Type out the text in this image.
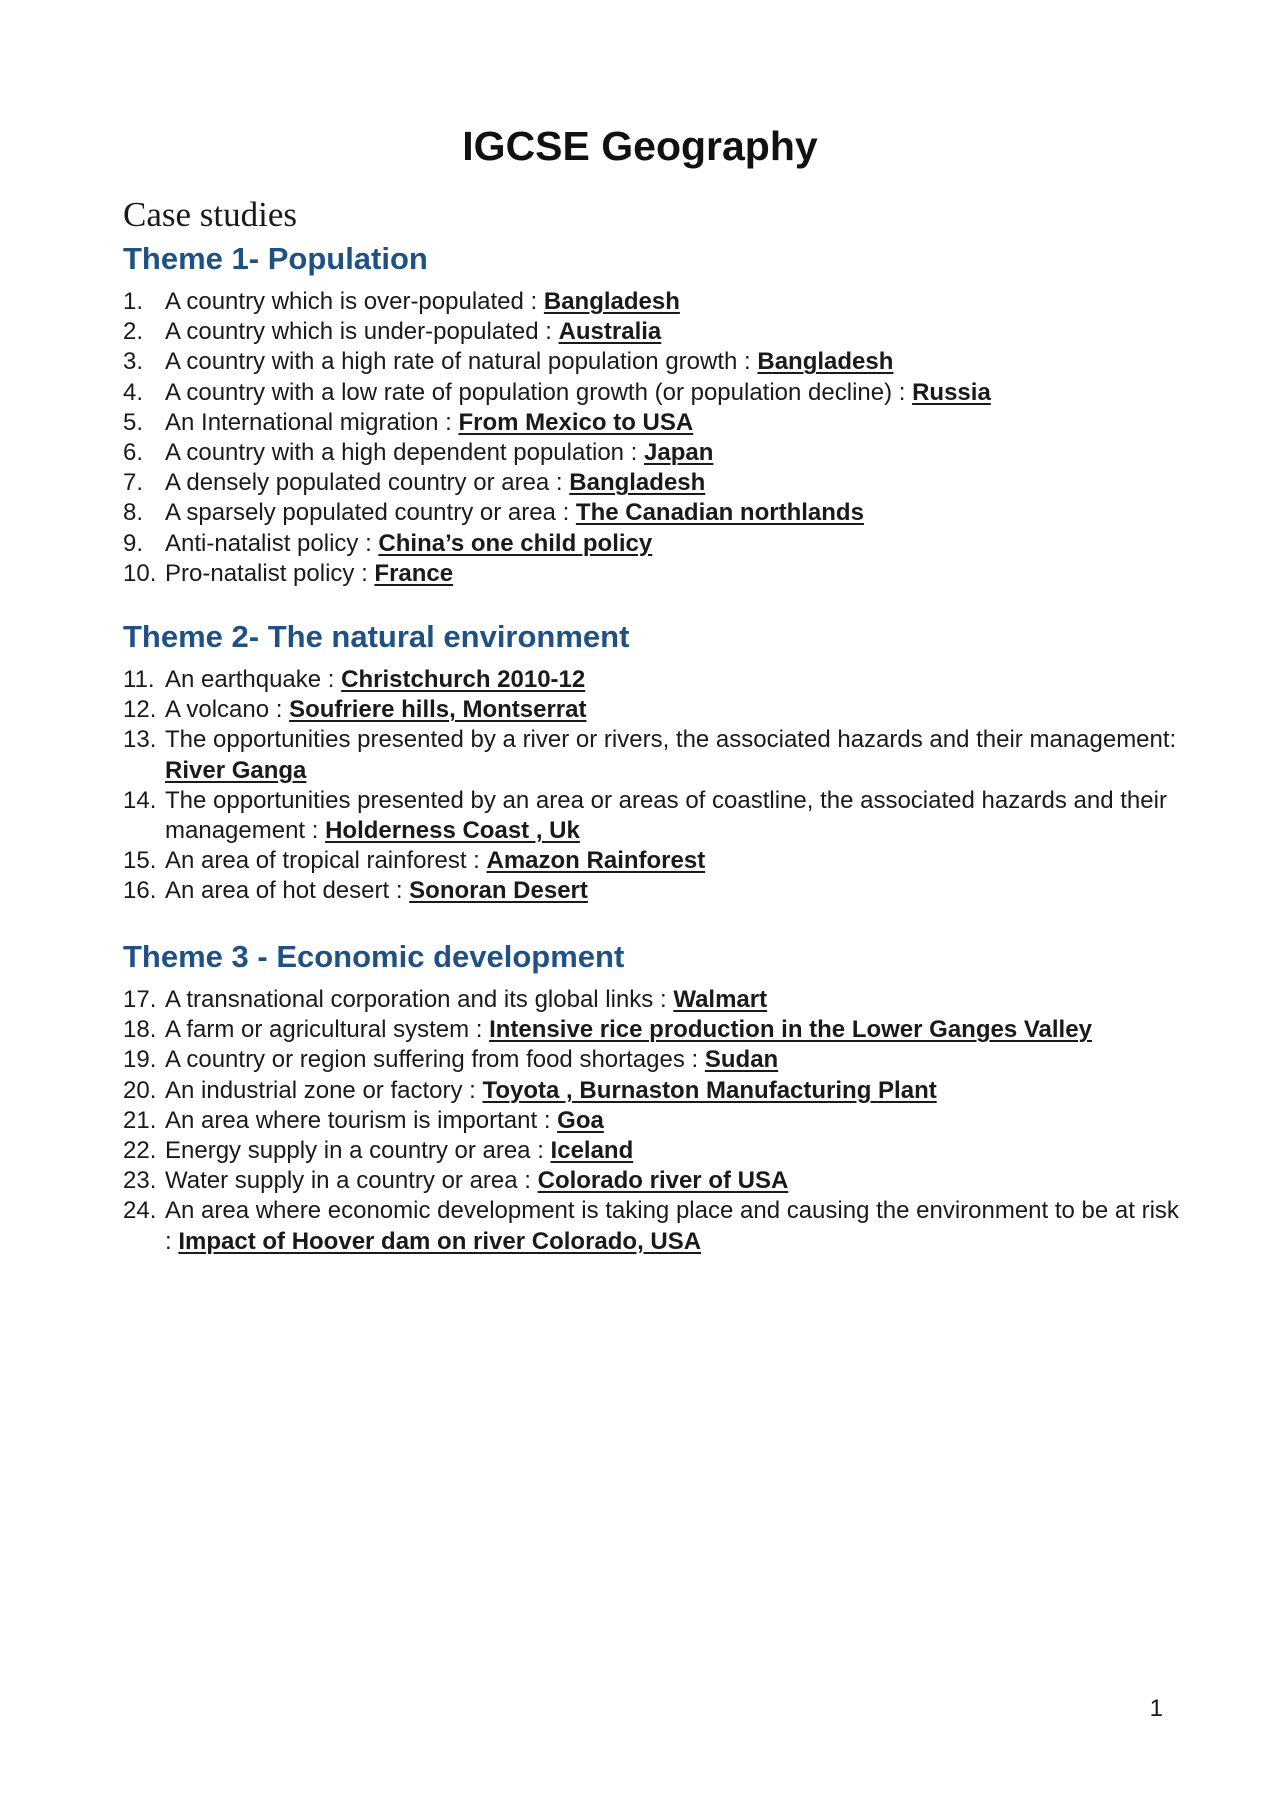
IGCSE Geography
Case studies
Theme 1- Population
1. A country which is over-populated : Bangladesh
2. A country which is under-populated : Australia
3. A country with a high rate of natural population growth : Bangladesh
4. A country with a low rate of population growth (or population decline) : Russia
5. An International migration : From Mexico to USA
6. A country with a high dependent population : Japan
7. A densely populated country or area : Bangladesh
8. A sparsely populated country or area : The Canadian northlands
9. Anti-natalist policy : China’s one child policy
10. Pro-natalist policy : France
Theme 2- The natural environment
11. An earthquake : Christchurch 2010-12
12. A volcano : Soufriere hills, Montserrat
13. The opportunities presented by a river or rivers, the associated hazards and their management: River Ganga
14. The opportunities presented by an area or areas of coastline, the associated hazards and their management : Holderness Coast , Uk
15. An area of tropical rainforest : Amazon Rainforest
16. An area of hot desert : Sonoran Desert
Theme 3 - Economic development
17. A transnational corporation and its global links : Walmart
18. A farm or agricultural system : Intensive rice production in the Lower Ganges Valley
19. A country or region suffering from food shortages : Sudan
20. An industrial zone or factory : Toyota , Burnaston Manufacturing Plant
21. An area where tourism is important : Goa
22. Energy supply in a country or area : Iceland
23. Water supply in a country or area : Colorado river of USA
24. An area where economic development is taking place and causing the environment to be at risk : Impact of Hoover dam on river Colorado, USA
1
